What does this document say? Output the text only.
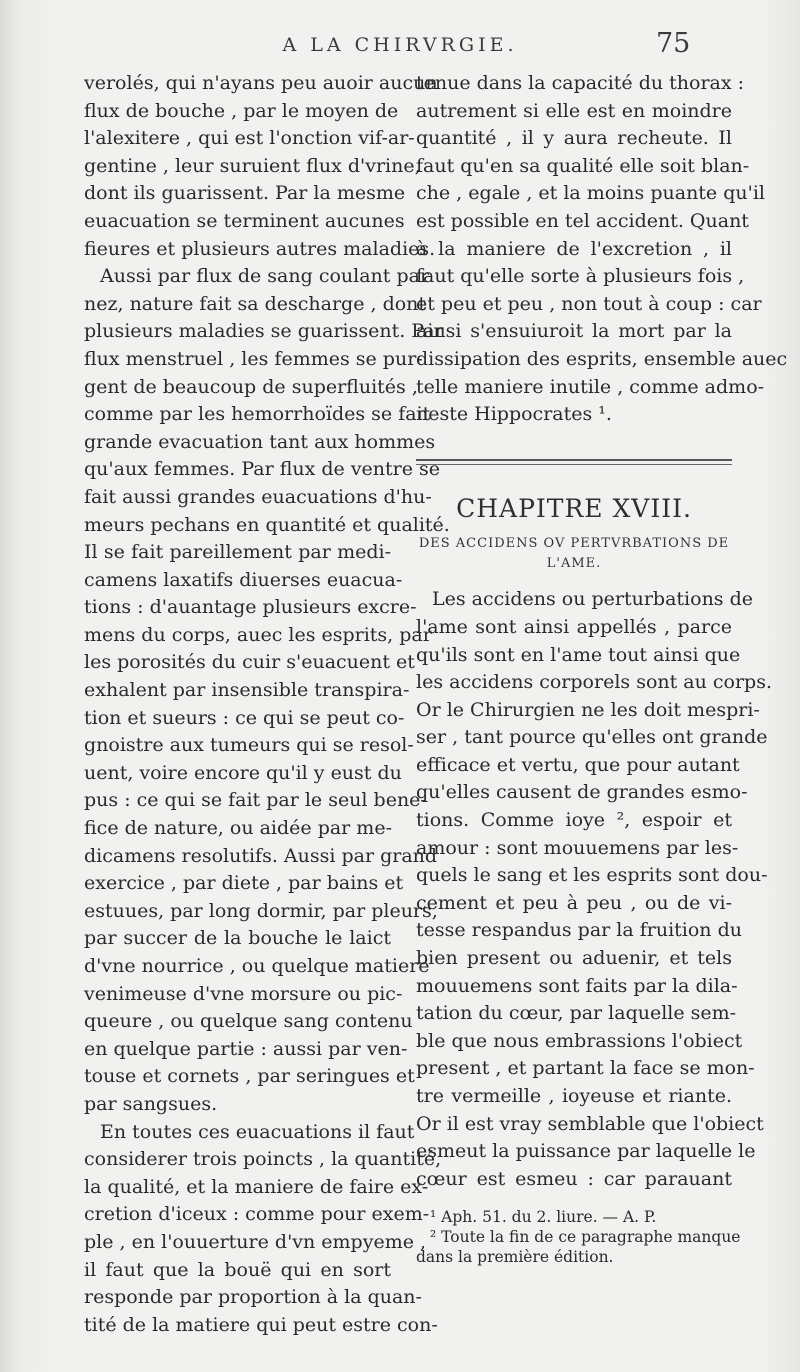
A LA CHIRVRGIE.	75
verolés, qui n'ayans peu auoir aucun
flux de bouche , par le moyen de
l'alexitere , qui est l'onction vif-ar-
gentine , leur suruient flux d'vrine,
dont ils guarissent. Par la mesme
euacuation se terminent aucunes
fieures et plusieurs autres maladies.
Aussi par flux de sang coulant par
nez, nature fait sa descharge , dont
plusieurs maladies se guarissent. Par
flux menstruel , les femmes se pur-
gent de beaucoup de superfluités ,
comme par les hemorrhoïdes se fait
grande evacuation tant aux hommes
qu'aux femmes. Par flux de ventre se
fait aussi grandes euacuations d'hu-
meurs pechans en quantité et qualité.
Il se fait pareillement par medi-
camens laxatifs diuerses euacua-
tions : d'auantage plusieurs excre-
mens du corps, auec les esprits, par
les porosités du cuir s'euacuent et
exhalent par insensible transpira-
tion et sueurs : ce qui se peut co-
gnoistre aux tumeurs qui se resol-
uent, voire encore qu'il y eust du
pus : ce qui se fait par le seul bene-
fice de nature, ou aidée par me-
dicamens resolutifs. Aussi par grand
exercice , par diete , par bains et
estuues, par long dormir, par pleurs,
par succer de la bouche le laict
d'vne nourrice , ou quelque matiere
venimeuse d'vne morsure ou pic-
queure , ou quelque sang contenu
en quelque partie : aussi par ven-
touse et cornets , par seringues et
par sangsues.
En toutes ces euacuations il faut
considerer trois poincts , la quantité,
la qualité, et la maniere de faire ex-
cretion d'iceux : comme pour exem-
ple , en l'ouuerture d'vn empyeme ,
il faut que la bouë qui en sort
responde par proportion à la quan-
tité de la matiere qui peut estre con-
tenue dans la capacité du thorax :
autrement si elle est en moindre
quantité , il y aura recheute. Il
faut qu'en sa qualité elle soit blan-
che , egale , et la moins puante qu'il
est possible en tel accident. Quant
à la maniere de l'excretion , il
faut qu'elle sorte à plusieurs fois ,
et peu et peu , non tout à coup : car
ainsi s'ensuiuroit la mort par la
dissipation des esprits, ensemble auec
telle maniere inutile , comme admo-
neste Hippocrates ¹.
CHAPITRE XVIII.
DES ACCIDENS OV PERTVRBATIONS DE
L'AME.
Les accidens ou perturbations de
l'ame sont ainsi appellés , parce
qu'ils sont en l'ame tout ainsi que
les accidens corporels sont au corps.
Or le Chirurgien ne les doit mespri-
ser , tant pource qu'elles ont grande
efficace et vertu, que pour autant
qu'elles causent de grandes esmo-
tions. Comme ioye ², espoir et
amour : sont mouuemens par les-
quels le sang et les esprits sont dou-
cement et peu à peu , ou de vi-
tesse respandus par la fruition du
bien present ou aduenir, et tels
mouuemens sont faits par la dila-
tation du cœur, par laquelle sem-
ble que nous embrassions l'obiect
present , et partant la face se mon-
tre vermeille , ioyeuse et riante.
Or il est vray semblable que l'obiect
esmeut la puissance par laquelle le
cœur est esmeu : car parauant
¹ Aph. 51. du 2. liure. — A. P.
² Toute la fin de ce paragraphe manque
dans la première édition.
